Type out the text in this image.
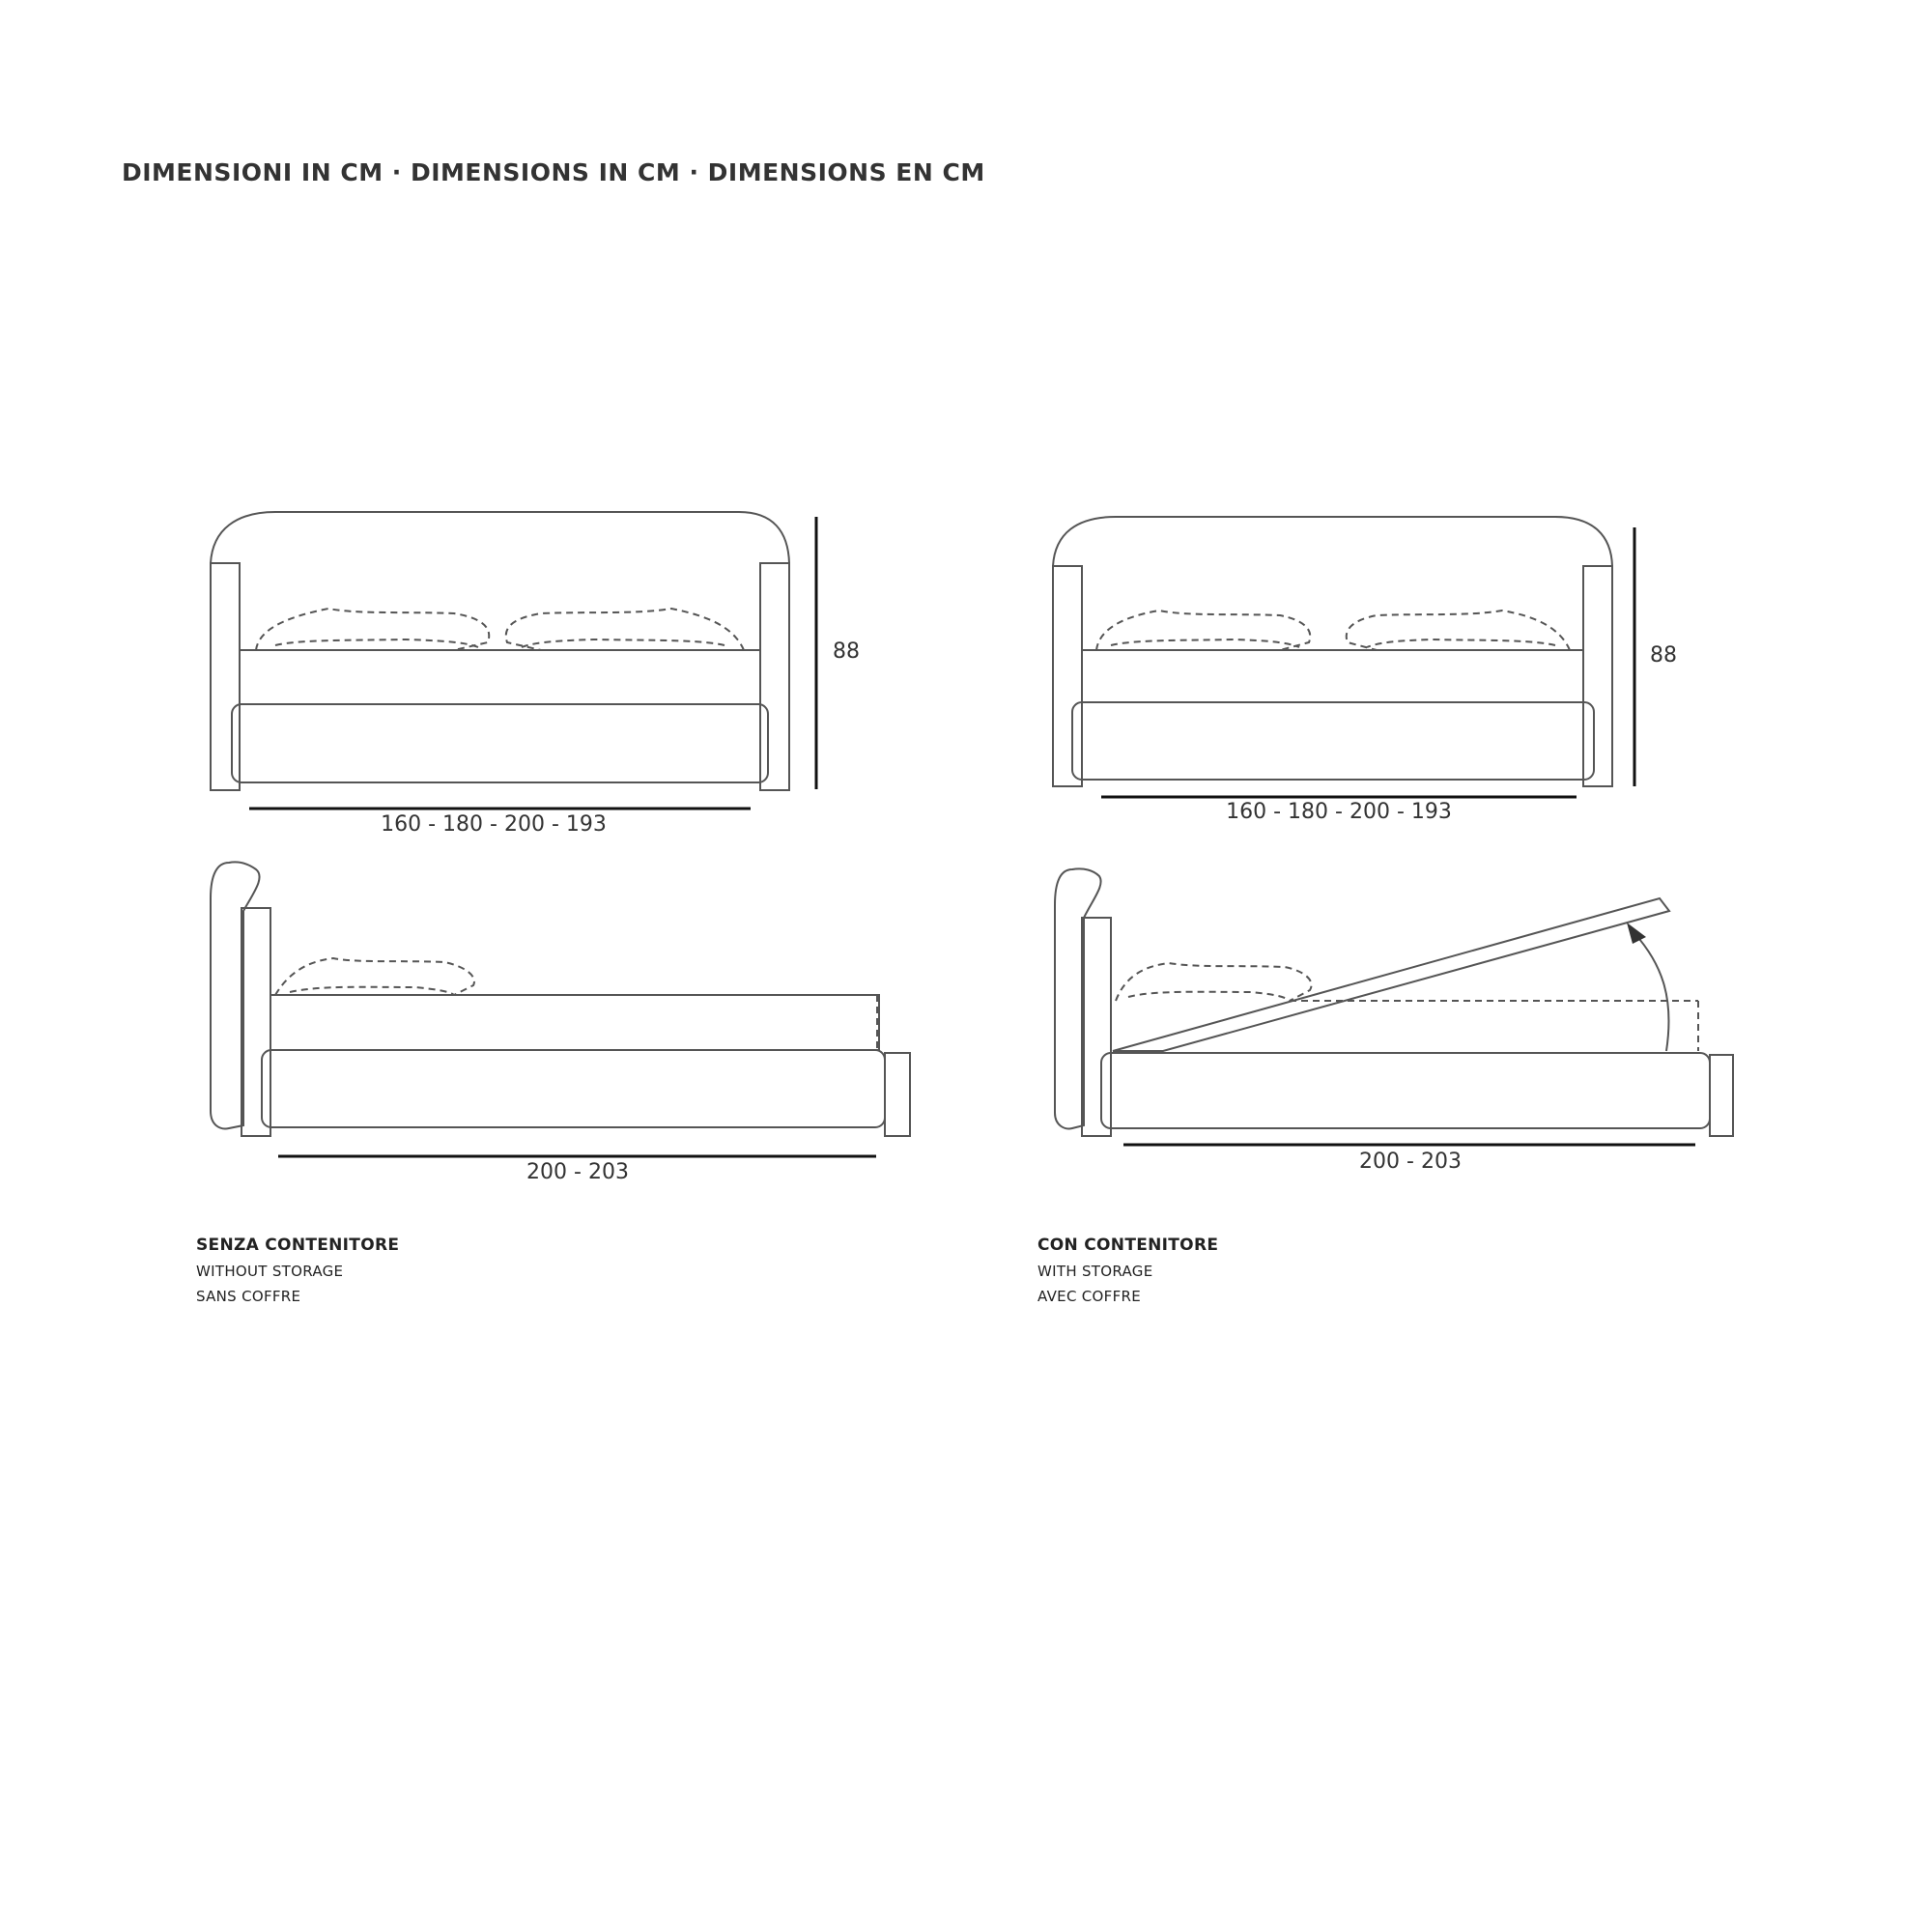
DIMENSIONI IN CM · DIMENSIONS IN CM · DIMENSIONS EN CM
160 - 180 - 200 - 193
88
200 - 203
160 - 180 - 200 - 193
88
200 - 203
SENZA CONTENITORE
WITHOUT STORAGE
SANS COFFRE
CON CONTENITORE
WITH STORAGE
AVEC COFFRE
